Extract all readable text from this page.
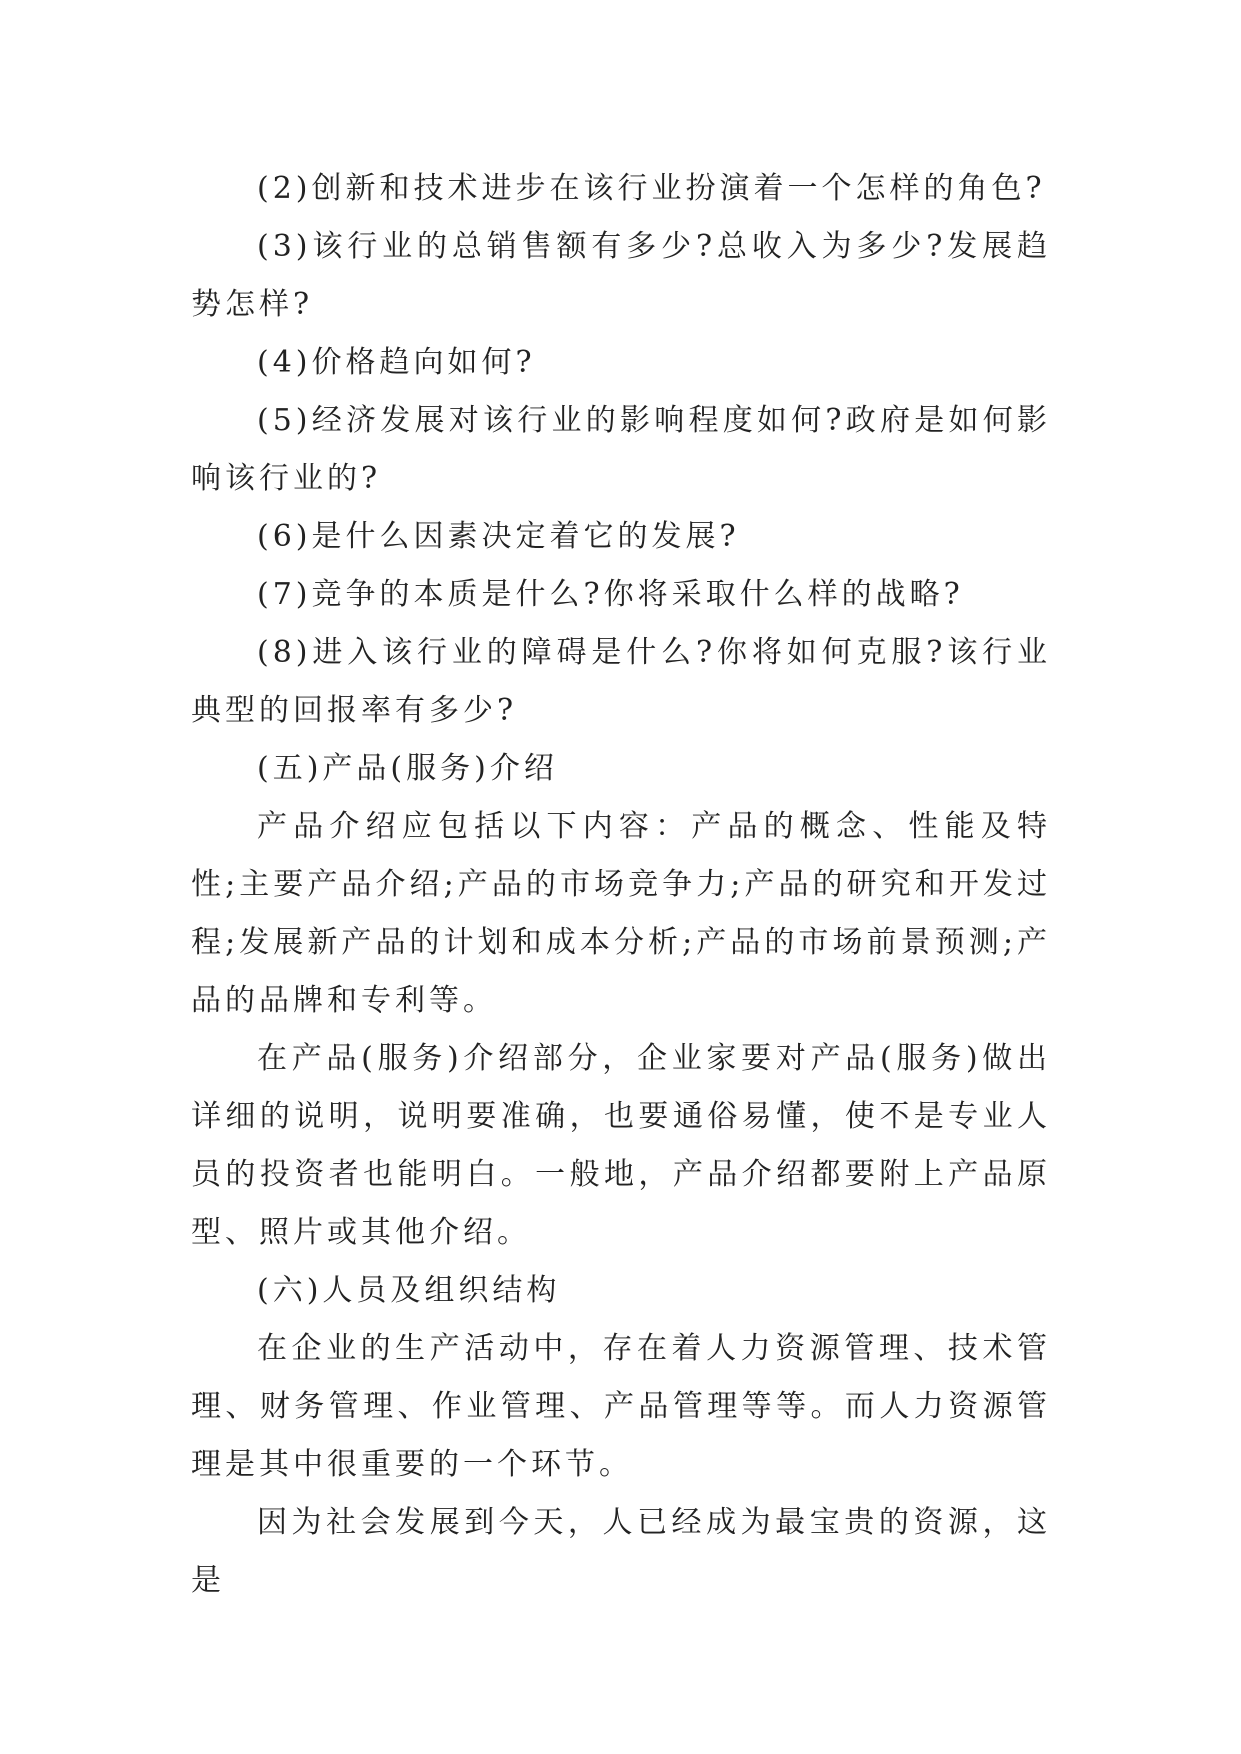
(2)创新和技术进步在该行业扮演着一个怎样的角色?

(3)该行业的总销售额有多少?总收入为多少?发展趋势怎样?

(4)价格趋向如何?

(5)经济发展对该行业的影响程度如何?政府是如何影响该行业的?

(6)是什么因素决定着它的发展?

(7)竞争的本质是什么?你将采取什么样的战略?

(8)进入该行业的障碍是什么?你将如何克服?该行业典型的回报率有多少?

(五)产品(服务)介绍

产品介绍应包括以下内容：产品的概念、性能及特性;主要产品介绍;产品的市场竞争力;产品的研究和开发过程;发展新产品的计划和成本分析;产品的市场前景预测;产品的品牌和专利等。

在产品(服务)介绍部分，企业家要对产品(服务)做出详细的说明，说明要准确，也要通俗易懂，使不是专业人员的投资者也能明白。一般地，产品介绍都要附上产品原型、照片或其他介绍。

(六)人员及组织结构

在企业的生产活动中，存在着人力资源管理、技术管理、财务管理、作业管理、产品管理等等。而人力资源管理是其中很重要的一个环节。

因为社会发展到今天，人已经成为最宝贵的资源，这是
